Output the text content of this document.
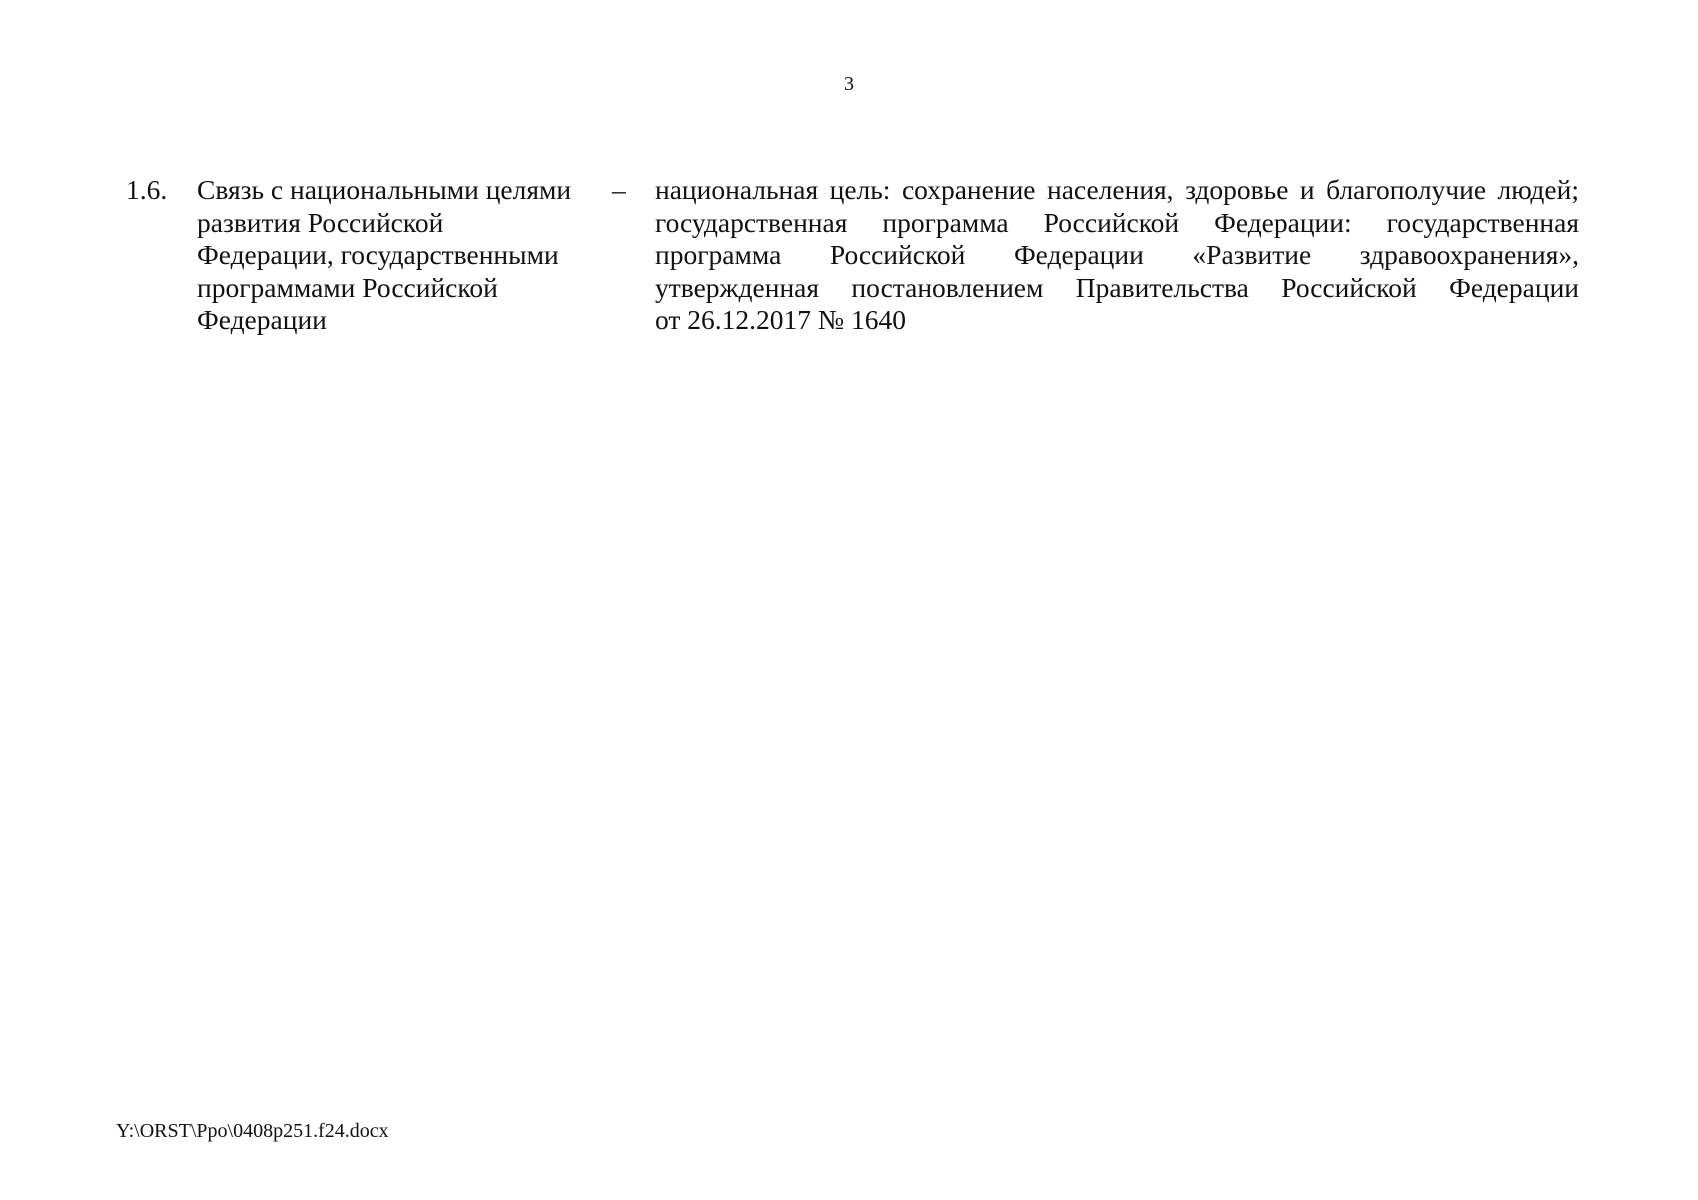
3
1.6. Связь с национальными целями
развития Российской
Федерации, государственными
программами Российской
Федерации
– национальная цель: сохранение населения, здоровье и благополучие людей;
государственная программа Российской Федерации: государственная
программа Российской Федерации «Развитие здравоохранения»,
утвержденная постановлением Правительства Российской Федерации
от 26.12.2017 № 1640
Y:\ORST\Ppo\0408p251.f24.docx
